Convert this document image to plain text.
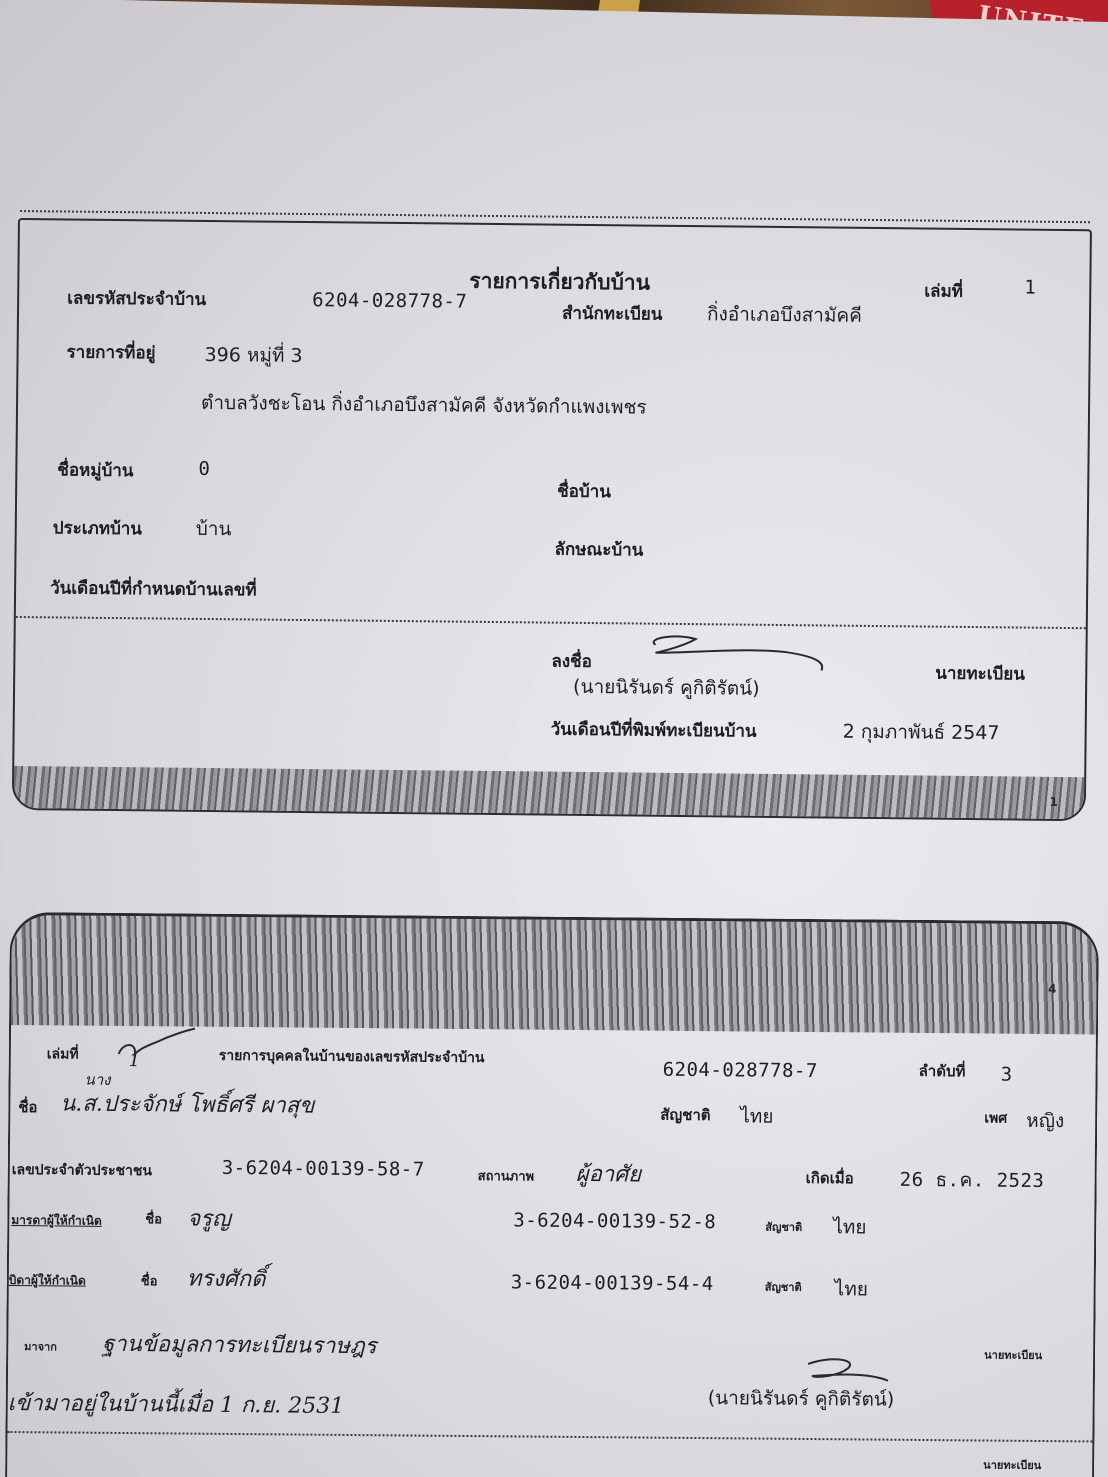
รายการเกี่ยวกับบ้าน	เล่มที่	1
เลขรหัสประจำบ้าน	6204-028778-7
สำนักทะเบียน กิ่งอำเภอบึงสามัคคี
รายการที่อยู่	396 หมู่ที่ 3
ตำบลวังชะโอน กิ่งอำเภอบึงสามัคคี จังหวัดกำแพงเพชร
ชื่อหมู่บ้าน	0
ชื่อบ้าน
ประเภทบ้าน	บ้าน
ลักษณะบ้าน
วันเดือนปีที่กำหนดบ้านเลขที่
ลงชื่อ
นายทะเบียน
(นายนิรันดร์ คูกิติรัตน์)
วันเดือนปีที่พิมพ์ทะเบียนบ้าน	2 กุมภาพันธ์ 2547
1
4
เล่มที่	1	รายการบุคคลในบ้านของเลขรหัสประจำบ้าน
6204-028778-7	ลำดับที่ 3
นาง
ชื่อ น.ส.ประจักษ์ โพธิ์ศรี ผาสุข	สัญชาติ ไทย	เพศ หญิง
เลขประจำตัวประชาชน	3-6204-00139-58-7	สถานภาพ ผู้อาศัย	เกิดเมื่อ 26 ธ.ค. 2523
มารดาผู้ให้กำเนิด	ชื่อ จรูญ	3-6204-00139-52-8	สัญชาติ ไทย
บิดาผู้ให้กำเนิด	ชื่อ ทรงศักดิ์	3-6204-00139-54-4	สัญชาติ ไทย
มาจาก ฐานข้อมูลการทะเบียนราษฎร	นายทะเบียน
เข้ามาอยู่ในบ้านนี้เมื่อ 1 ก.ย. 2531	(นายนิรันดร์ คูกิติรัตน์)
นายทะเบียน
